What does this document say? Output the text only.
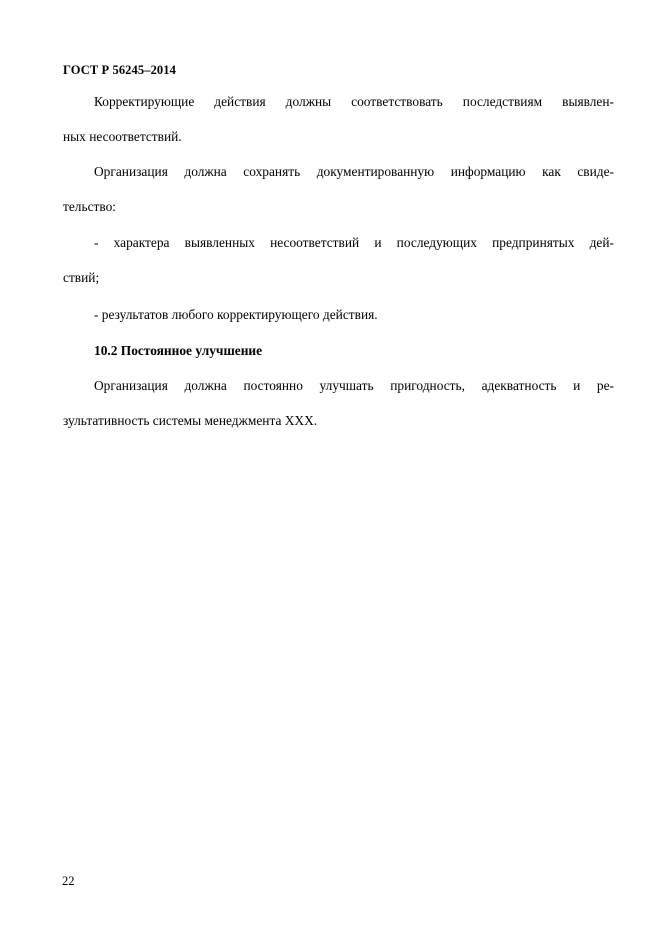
ГОСТ Р 56245–2014
Корректирующие действия должны соответствовать последствиям выявлен-
ных несоответствий.
Организация должна сохранять документированную информацию как свиде-
тельство:
- характера выявленных несоответствий и последующих предпринятых дей-
ствий;
- результатов любого корректирующего действия.
10.2 Постоянное улучшение
Организация должна постоянно улучшать пригодность, адекватность и ре-
зультативность системы менеджмента XXX.
22
